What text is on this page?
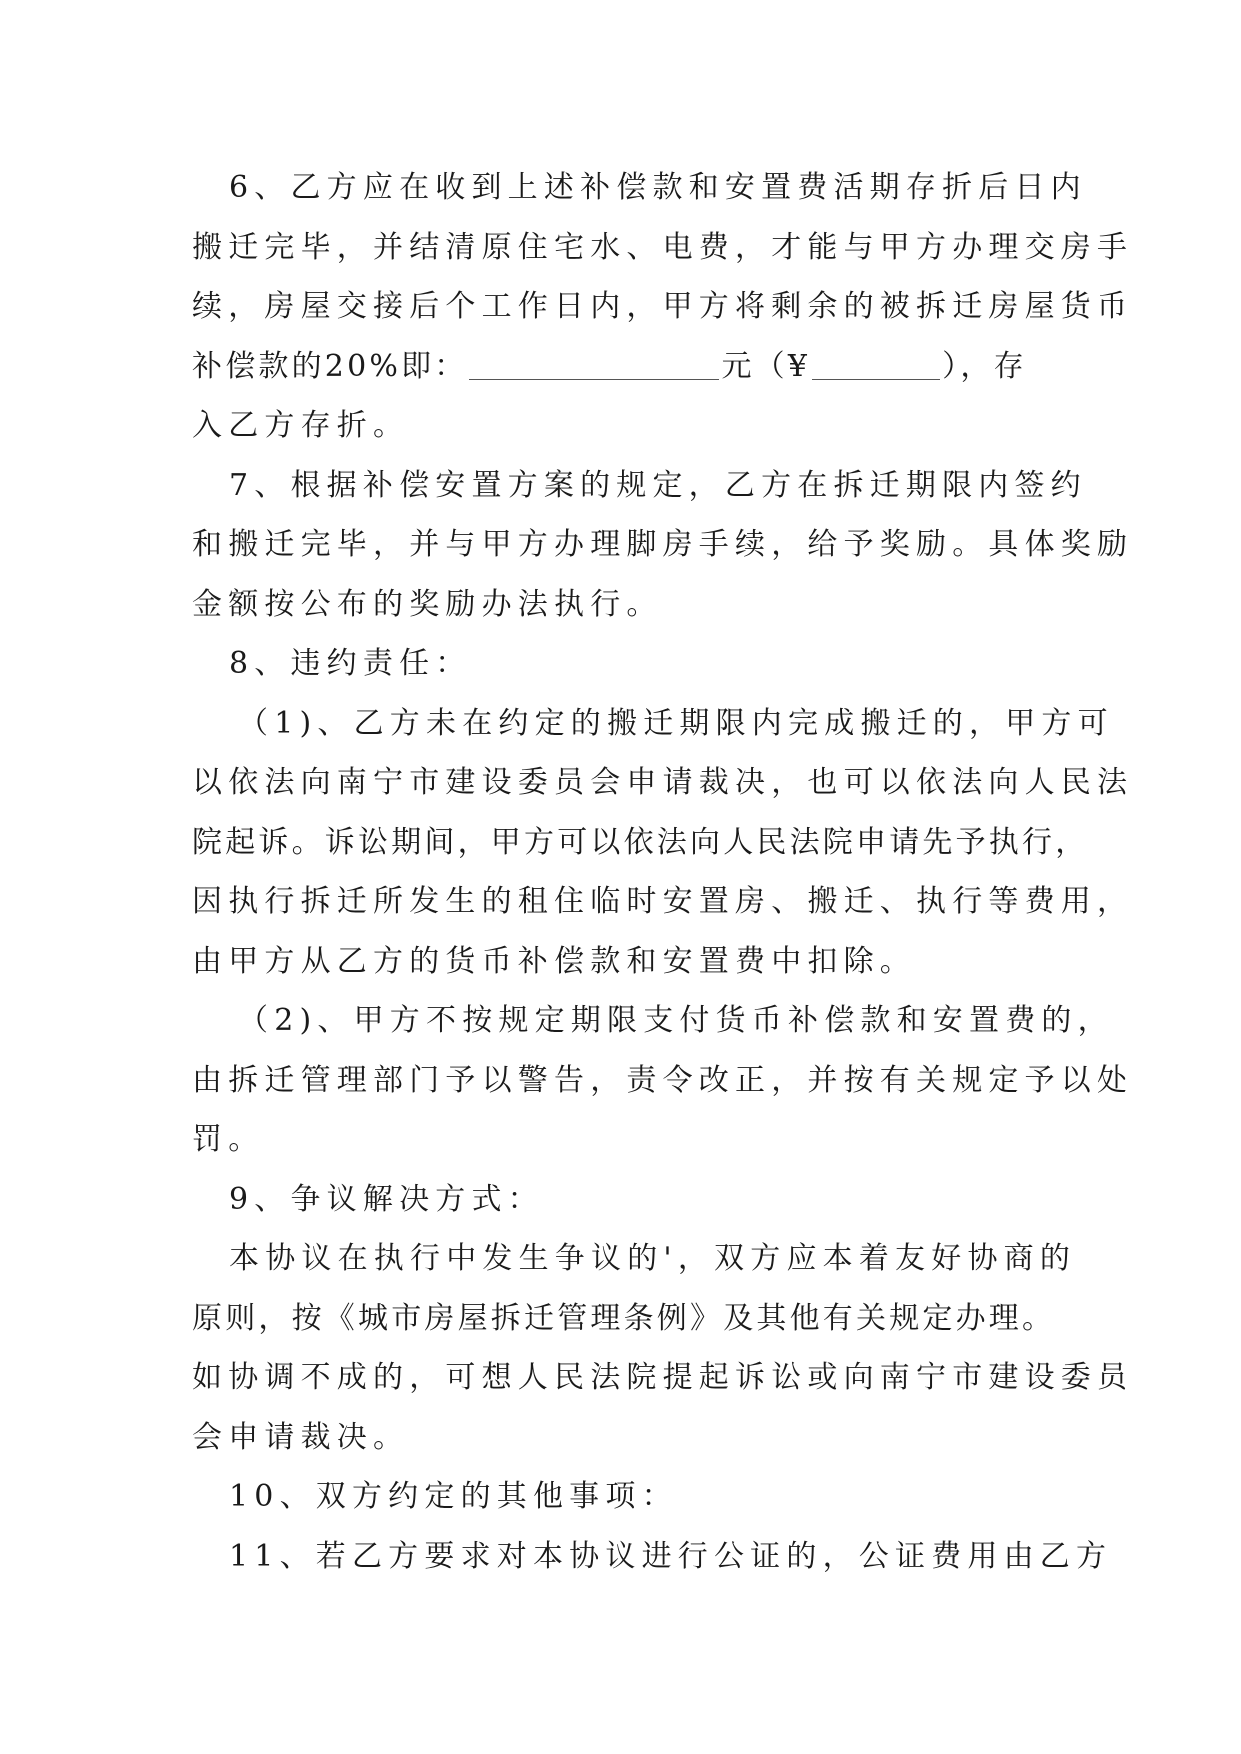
6、乙方应在收到上述补偿款和安置费活期存折后日内
搬迁完毕，并结清原住宅水、电费，才能与甲方办理交房手
续，房屋交接后个工作日内，甲方将剩余的被拆迁房屋货币
补偿款的20%即：	元（¥	），存
入乙方存折。
7、根据补偿安置方案的规定，乙方在拆迁期限内签约
和搬迁完毕，并与甲方办理脚房手续，给予奖励。具体奖励
金额按公布的奖励办法执行。
8、违约责任：
（1)、乙方未在约定的搬迁期限内完成搬迁的，甲方可
以依法向南宁市建设委员会申请裁决，也可以依法向人民法
院起诉。诉讼期间，甲方可以依法向人民法院申请先予执行，
因执行拆迁所发生的租住临时安置房、搬迁、执行等费用，
由甲方从乙方的货币补偿款和安置费中扣除。
（2)、甲方不按规定期限支付货币补偿款和安置费的，
由拆迁管理部门予以警告，责令改正，并按有关规定予以处
罚。
9、争议解决方式：
本协议在执行中发生争议的'，双方应本着友好协商的
原则，按《城市房屋拆迁管理条例》及其他有关规定办理。
如协调不成的，可想人民法院提起诉讼或向南宁市建设委员
会申请裁决。
10、双方约定的其他事项：
11、若乙方要求对本协议进行公证的，公证费用由乙方
